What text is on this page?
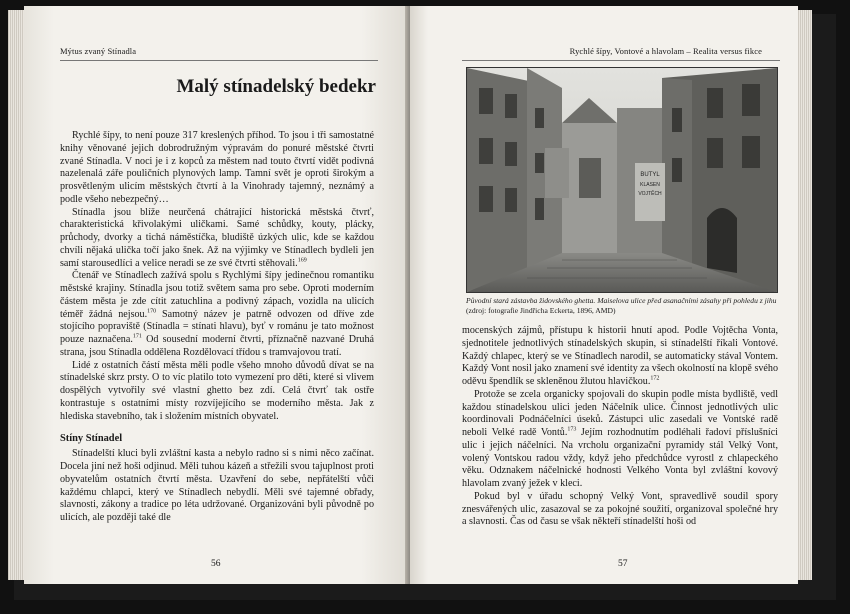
Mýtus zvaný Stínadla
Malý stínadelský bedekr

Rychlé šípy, to není pouze 317 kreslených příhod. To jsou i tři samostatné knihy věnované jejich dobrodružným výpravám do ponuré městské čtvrti zvané Stínadla. V noci je i z kopců za městem nad touto čtvrtí vidět podivná nazelenalá záře pouličních plynových lamp. Tamní svět je oproti širokým a prosvětleným ulicím městských čtvrtí à la Vinohrady tajemný, neznámý a podle všeho nebezpečný…

Stínadla jsou blíže neurčená chátrající historická městská čtvrť, charakteristická křivolakými uličkami. Samé schůdky, kouty, plácky, průchody, dvorky a tichá náměstíčka, bludiště úzkých ulic, kde se každou chvíli nějaká ulička točí jako šnek. Až na výjimky ve Stínadlech bydleli jen samí starousedlíci a velice neradi se ze své čtvrti stěhovali.$^{169}$

Čtenář ve Stínadlech zažívá spolu s Rychlými šípy jedinečnou romantiku městské krajiny. Stínadla jsou totiž světem sama pro sebe. Oproti moderním částem města je zde cítit zatuchlina a podivný zápach, vozidla na ulicích téměř žádná nejsou.$^{170}$ Samotný název je patrně odvozen od dříve zde stojícího popraviště (Stínadla = stínati hlavu), byť v románu je tato možnost pouze naznačena.$^{171}$ Od sousední moderní čtvrti, příznačně nazvané Druhá strana, jsou Stínadla oddělena Rozdělovací třídou s tramvajovou tratí.

Lidé z ostatních částí města měli podle všeho mnoho důvodů dívat se na stínadelské skrz prsty. O to víc platilo toto vymezení pro děti, které si vlivem dospělých vytvořily své vlastní ghetto bez zdí. Celá čtvrť tak ostře kontrastuje s ostatními místy rozvíjejícího se moderního města. Jak z hlediska stavebního, tak i složením místních obyvatel.

Stíny Stínadel

Stínadelští kluci byli zvláštní kasta a nebylo radno si s nimi něco začínat. Docela jiní než hoši odjinud. Měli tuhou kázeň a střežili svou tajuplnost proti obyvatelům ostatních čtvrtí města. Uzavření do sebe, nepřátelští vůči každému chlapci, který ve Stínadlech nebydlí. Měli své tajemné obřady, slavnosti, zákony a tradice po léta udržované. Organizováni byli původně po ulicích, ale později také dle

56
Rychlé šípy, Vontové a hlavolam – Realita versus fikce
BUTYL
KLASEN
VOJTĚCH
Původní stará zástavba židovského ghetta. Maiselova ulice před asanačními zásahy při pohledu z jihu (zdroj: fotografie Jindřicha Eckerta, 1896, AMD)

mocenských zájmů, přístupu k historii hnutí apod. Podle Vojtěcha Vonta, sjednotitele jednotlivých stínadelských skupin, si stínadelští říkali Vontové. Každý chlapec, který se ve Stínadlech narodil, se automaticky stával Vontem. Každý Vont nosil jako znamení své identity za všech okolností na klopě svého oděvu špendlík se skleněnou žlutou hlavičkou.$^{172}$

Protože se zcela organicky spojovali do skupin podle místa bydliště, vedl každou stínadelskou ulici jeden Náčelník ulice. Činnost jednotlivých ulic koordinovali Podnáčelníci úseků. Zástupci ulic zasedali ve Vontské radě neboli Velké radě Vontů.$^{173}$ Jejím rozhodnutím podléhali řadoví příslušníci ulic i jejich náčelníci. Na vrcholu organizační pyramidy stál Velký Vont, volený Vontskou radou vždy, když jeho předchůdce vyrostl z chlapeckého věku. Odznakem náčelnické hodnosti Velkého Vonta byl zvláštní kovový hlavolam zvaný ježek v kleci.

Pokud byl v úřadu schopný Velký Vont, spravedlivě soudil spory znesvářených ulic, zasazoval se za pokojné soužití, organizoval společné hry a slavnosti. Čas od času se však někteří stínadelští hoši od

57
